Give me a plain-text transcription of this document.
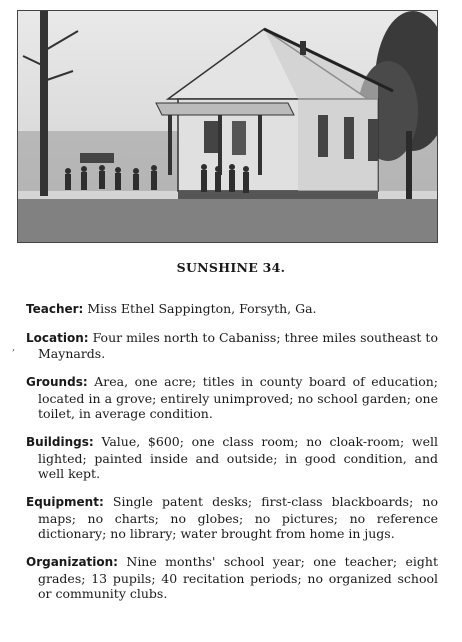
SUNSHINE 34.

Teacher: Miss Ethel Sappington, Forsyth, Ga.

Location: Four miles north to Cabaniss; three miles southeast to Maynards.

Grounds: Area, one acre; titles in county board of education; located in a grove; entirely unimproved; no school garden; one toilet, in average condition.

Buildings: Value, $600; one class room; no cloak-room; well lighted; painted inside and outside; in good condition, and well kept.

Equipment: Single patent desks; first-class blackboards; no maps; no charts; no globes; no pictures; no reference dictionary; no library; water brought from home in jugs.

Organization: Nine months' school year; one teacher; eight grades; 13 pupils; 40 recitation periods; no organized school or community clubs.

,
